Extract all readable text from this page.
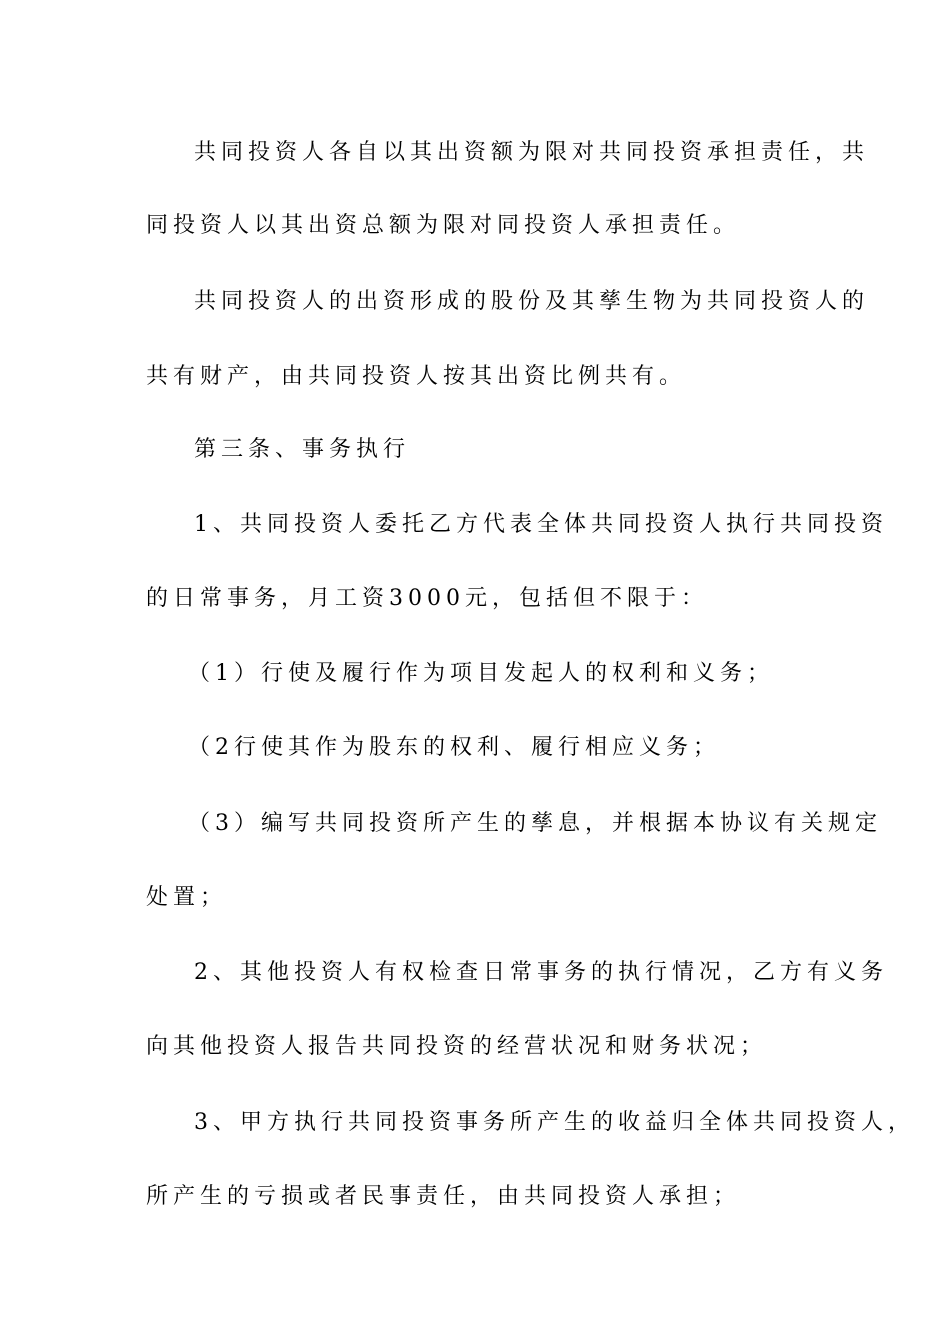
共同投资人各自以其出资额为限对共同投资承担责任，共
同投资人以其出资总额为限对同投资人承担责任。
共同投资人的出资形成的股份及其孳生物为共同投资人的
共有财产，由共同投资人按其出资比例共有。
第三条、事务执行
1、共同投资人委托乙方代表全体共同投资人执行共同投资
的日常事务，月工资3000元，包括但不限于：
（1）行使及履行作为项目发起人的权利和义务；
（2行使其作为股东的权利、履行相应义务；
（3）编写共同投资所产生的孳息，并根据本协议有关规定
处置；
2、其他投资人有权检查日常事务的执行情况，乙方有义务
向其他投资人报告共同投资的经营状况和财务状况；
3、甲方执行共同投资事务所产生的收益归全体共同投资人，
所产生的亏损或者民事责任，由共同投资人承担；
